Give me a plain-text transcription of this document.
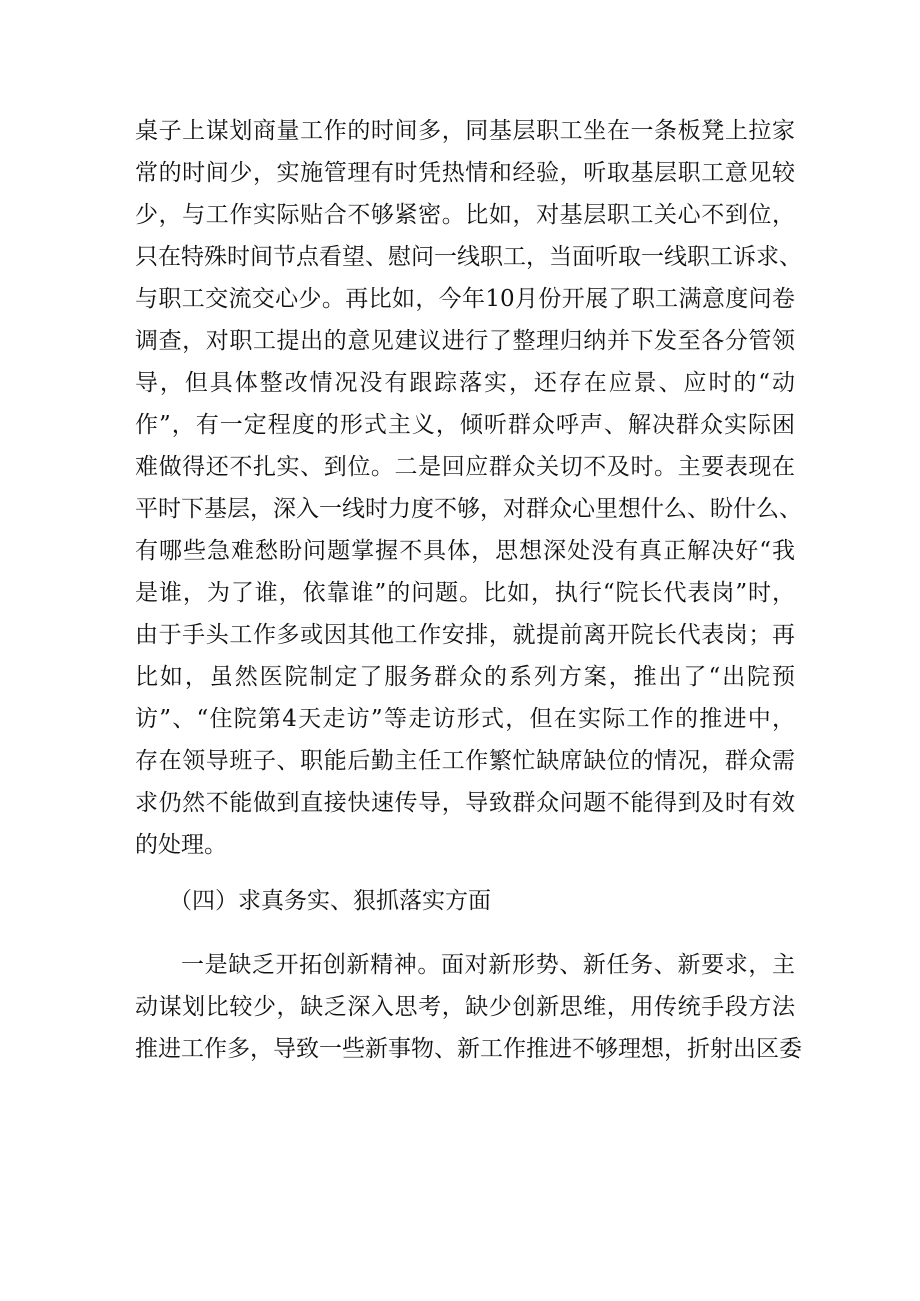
桌子上谋划商量工作的时间多，同基层职工坐在一条板凳上拉家

常的时间少，实施管理有时凭热情和经验，听取基层职工意见较

少，与工作实际贴合不够紧密。比如，对基层职工关心不到位，

只在特殊时间节点看望、慰问一线职工，当面听取一线职工诉求、

与职工交流交心少。再比如，今年10月份开展了职工满意度问卷

调查，对职工提出的意见建议进行了整理归纳并下发至各分管领

导，但具体整改情况没有跟踪落实，还存在应景、应时的“动

作”，有一定程度的形式主义，倾听群众呼声、解决群众实际困

难做得还不扎实、到位。二是回应群众关切不及时。主要表现在

平时下基层，深入一线时力度不够，对群众心里想什么、盼什么、

有哪些急难愁盼问题掌握不具体，思想深处没有真正解决好“我

是谁，为了谁，依靠谁”的问题。比如，执行“院长代表岗”时，

由于手头工作多或因其他工作安排，就提前离开院长代表岗；再

比如，虽然医院制定了服务群众的系列方案，推出了“出院预

访”、“住院第4天走访”等走访形式，但在实际工作的推进中，

存在领导班子、职能后勤主任工作繁忙缺席缺位的情况，群众需

求仍然不能做到直接快速传导，导致群众问题不能得到及时有效

的处理。

（四）求真务实、狠抓落实方面

一是缺乏开拓创新精神。面对新形势、新任务、新要求，主

动谋划比较少，缺乏深入思考，缺少创新思维，用传统手段方法

推进工作多，导致一些新事物、新工作推进不够理想，折射出区委
